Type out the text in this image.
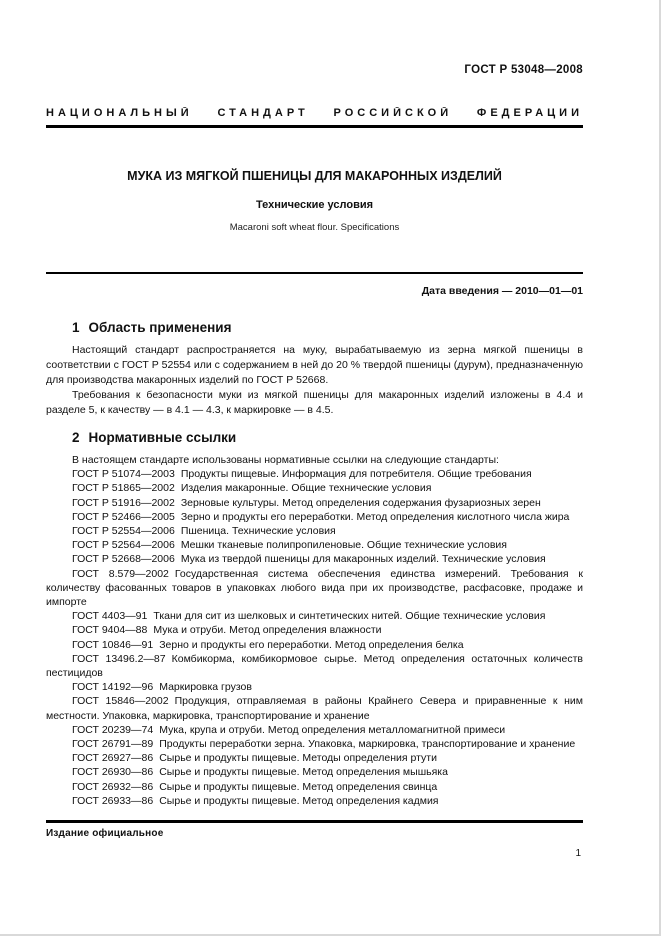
ГОСТ Р 53048—2008
НАЦИОНАЛЬНЫЙ СТАНДАРТ РОССИЙСКОЙ ФЕДЕРАЦИИ
МУКА ИЗ МЯГКОЙ ПШЕНИЦЫ ДЛЯ МАКАРОННЫХ ИЗДЕЛИЙ
Технические условия
Macaroni soft wheat flour. Specifications
Дата введения — 2010—01—01
1 Область применения

Настоящий стандарт распространяется на муку, вырабатываемую из зерна мягкой пшеницы в соответствии с ГОСТ Р 52554 или с содержанием в ней до 20 % твердой пшеницы (дурум), предназначенную для производства макаронных изделий по ГОСТ Р 52668.

Требования к безопасности муки из мягкой пшеницы для макаронных изделий изложены в 4.4 и разделе 5, к качеству — в 4.1 — 4.3, к маркировке — в 4.5.

2 Нормативные ссылки

В настоящем стандарте использованы нормативные ссылки на следующие стандарты:

ГОСТ Р 51074—2003 Продукты пищевые. Информация для потребителя. Общие требования

ГОСТ Р 51865—2002 Изделия макаронные. Общие технические условия

ГОСТ Р 51916—2002 Зерновые культуры. Метод определения содержания фузариозных зерен

ГОСТ Р 52466—2005 Зерно и продукты его переработки. Метод определения кислотного числа жира

ГОСТ Р 52554—2006 Пшеница. Технические условия

ГОСТ Р 52564—2006 Мешки тканевые полипропиленовые. Общие технические условия

ГОСТ Р 52668—2006 Мука из твердой пшеницы для макаронных изделий. Технические условия

ГОСТ 8.579—2002 Государственная система обеспечения единства измерений. Требования к количеству фасованных товаров в упаковках любого вида при их производстве, расфасовке, продаже и импорте

ГОСТ 4403—91 Ткани для сит из шелковых и синтетических нитей. Общие технические условия

ГОСТ 9404—88 Мука и отруби. Метод определения влажности

ГОСТ 10846—91 Зерно и продукты его переработки. Метод определения белка

ГОСТ 13496.2—87 Комбикорма, комбикормовое сырье. Метод определения остаточных количеств пестицидов

ГОСТ 14192—96 Маркировка грузов

ГОСТ 15846—2002 Продукция, отправляемая в районы Крайнего Севера и приравненные к ним местности. Упаковка, маркировка, транспортирование и хранение

ГОСТ 20239—74 Мука, крупа и отруби. Метод определения металломагнитной примеси

ГОСТ 26791—89 Продукты переработки зерна. Упаковка, маркировка, транспортирование и хранение

ГОСТ 26927—86 Сырье и продукты пищевые. Методы определения ртути

ГОСТ 26930—86 Сырье и продукты пищевые. Метод определения мышьяка

ГОСТ 26932—86 Сырье и продукты пищевые. Метод определения свинца

ГОСТ 26933—86 Сырье и продукты пищевые. Метод определения кадмия

Издание официальное
1
